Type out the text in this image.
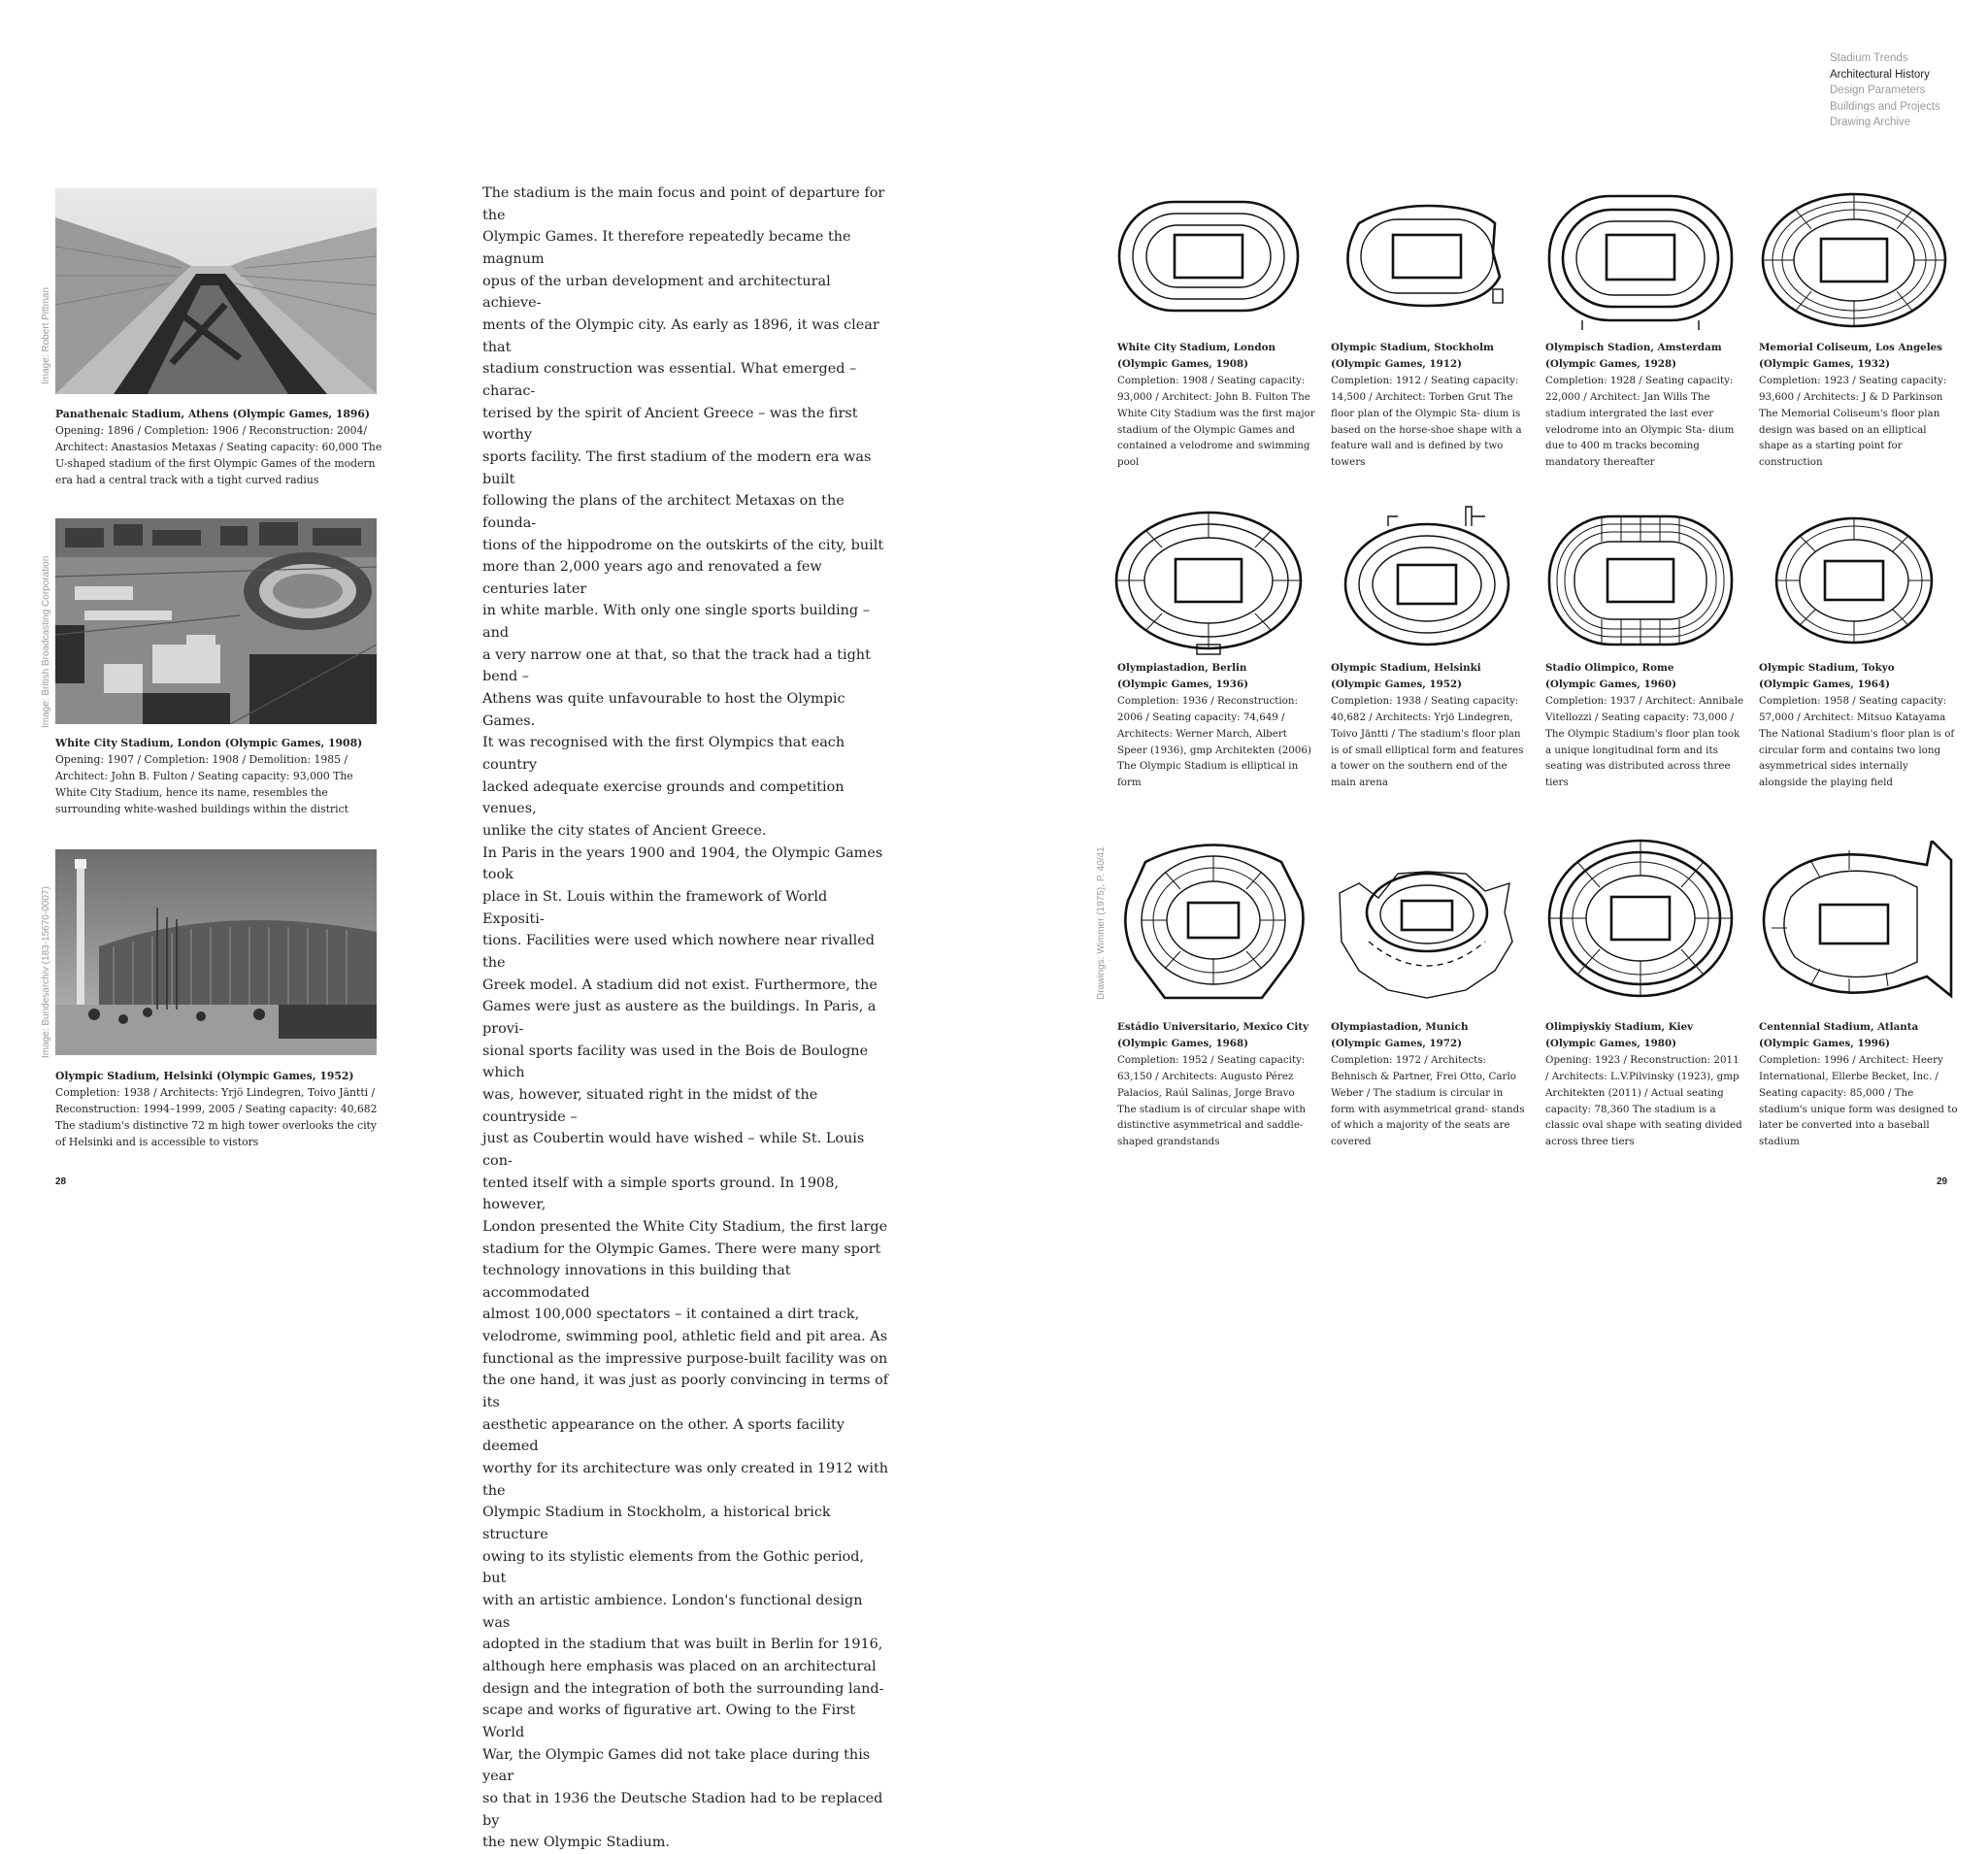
Stadium Trends
Architectural History
Design Parameters
Buildings and Projects
Drawing Archive
Image: Robert Pittman
Panathenaic Stadium, Athens (Olympic Games, 1896)
Opening: 1896 / Completion: 1906 / Reconstruction: 2004/ Architect: Anastasios Metaxas / Seating capacity: 60,000 The U-shaped stadium of the first Olympic Games of the modern era had a central track with a tight curved radius
Image: British Broadcasting Corporation
White City Stadium, London (Olympic Games, 1908)
Opening: 1907 / Completion: 1908 / Demolition: 1985 / Architect: John B. Fulton / Seating capacity: 93,000 The White City Stadium, hence its name, resembles the surrounding white-washed buildings within the district
Image: Bundesarchiv (183-15670-0007)
Olympic Stadium, Helsinki (Olympic Games, 1952)
Completion: 1938 / Architects: Yrjö Lindegren, Toivo Jäntti / Reconstruction: 1994–1999, 2005 / Seating capacity: 40,682 The stadium's distinctive 72 m high tower overlooks the city of Helsinki and is accessible to vistors

The stadium is the main focus and point of departure for the
Olympic Games. It therefore repeatedly became the magnum
opus of the urban development and architectural achieve-
ments of the Olympic city. As early as 1896, it was clear that
stadium construction was essential. What emerged – charac-
terised by the spirit of Ancient Greece – was the first worthy
sports facility. The first stadium of the modern era was built
following the plans of the architect Metaxas on the founda-
tions of the hippodrome on the outskirts of the city, built
more than 2,000 years ago and renovated a few centuries later
in white marble. With only one single sports building – and
a very narrow one at that, so that the track had a tight bend –
Athens was quite unfavourable to host the Olympic Games.
It was recognised with the first Olympics that each country
lacked adequate exercise grounds and competition venues,
unlike the city states of Ancient Greece.

In Paris in the years 1900 and 1904, the Olympic Games took
place in St. Louis within the framework of World Expositi-
tions. Facilities were used which nowhere near rivalled the
Greek model. A stadium did not exist. Furthermore, the
Games were just as austere as the buildings. In Paris, a provi-
sional sports facility was used in the Bois de Boulogne which
was, however, situated right in the midst of the countryside –
just as Coubertin would have wished – while St. Louis con-
tented itself with a simple sports ground. In 1908, however,
London presented the White City Stadium, the first large
stadium for the Olympic Games. There were many sport
technology innovations in this building that accommodated
almost 100,000 spectators – it contained a dirt track,
velodrome, swimming pool, athletic field and pit area. As
functional as the impressive purpose-built facility was on
the one hand, it was just as poorly convincing in terms of its
aesthetic appearance on the other. A sports facility deemed
worthy for its architecture was only created in 1912 with the
Olympic Stadium in Stockholm, a historical brick structure
owing to its stylistic elements from the Gothic period, but
with an artistic ambience. London's functional design was
adopted in the stadium that was built in Berlin for 1916,
although here emphasis was placed on an architectural
design and the integration of both the surrounding land-
scape and works of figurative art. Owing to the First World
War, the Olympic Games did not take place during this year
so that in 1936 the Deutsche Stadion had to be replaced by
the new Olympic Stadium.

28	29
Drawings: Wimmer (1975), P. 40/41
White City Stadium, London
(Olympic Games, 1908)
Completion: 1908 / Seating capacity: 93,000 / Architect: John B. Fulton The White City Stadium was the first major stadium of the Olympic Games and contained a velodrome and swimming pool
Olympic Stadium, Stockholm
(Olympic Games, 1912)
Completion: 1912 / Seating capacity: 14,500 / Architect: Torben Grut The floor plan of the Olympic Sta- dium is based on the horse-shoe shape with a feature wall and is defined by two towers
Olympisch Stadion, Amsterdam
(Olympic Games, 1928)
Completion: 1928 / Seating capacity: 22,000 / Architect: Jan Wills The stadium intergrated the last ever velodrome into an Olympic Sta- dium due to 400 m tracks becoming mandatory thereafter
Memorial Coliseum, Los Angeles
(Olympic Games, 1932)
Completion: 1923 / Seating capacity: 93,600 / Architects: J & D Parkinson The Memorial Coliseum's floor plan design was based on an elliptical shape as a starting point for construction
Olympiastadion, Berlin
(Olympic Games, 1936)
Completion: 1936 / Reconstruction: 2006 / Seating capacity: 74,649 / Architects: Werner March, Albert Speer (1936), gmp Architekten (2006) The Olympic Stadium is elliptical in form
Olympic Stadium, Helsinki
(Olympic Games, 1952)
Completion: 1938 / Seating capacity: 40,682 / Architects: Yrjö Lindegren, Toivo Jäntti / The stadium's floor plan is of small elliptical form and features a tower on the southern end of the main arena
Stadio Olimpico, Rome
(Olympic Games, 1960)
Completion: 1937 / Architect: Annibale Vitellozzi / Seating capacity: 73,000 / The Olympic Stadium's floor plan took a unique longitudinal form and its seating was distributed across three tiers
Olympic Stadium, Tokyo
(Olympic Games, 1964)
Completion: 1958 / Seating capacity: 57,000 / Architect: Mitsuo Katayama The National Stadium's floor plan is of circular form and contains two long asymmetrical sides internally alongside the playing field
Estádio Universitario, Mexico City
(Olympic Games, 1968)
Completion: 1952 / Seating capacity: 63,150 / Architects: Augusto Pérez Palacios, Raúl Salinas, Jorge Bravo The stadium is of circular shape with distinctive asymmetrical and saddle-shaped grandstands
Olympiastadion, Munich
(Olympic Games, 1972)
Completion: 1972 / Architects: Behnisch & Partner, Frei Otto, Carlo Weber / The stadium is circular in form with asymmetrical grand- stands of which a majority of the seats are covered
Olimpiyskiy Stadium, Kiev
(Olympic Games, 1980)
Opening: 1923 / Reconstruction: 2011 / Architects: L.V.Pilvinsky (1923), gmp Architekten (2011) / Actual seating capacity: 78,360 The stadium is a classic oval shape with seating divided across three tiers
Centennial Stadium, Atlanta
(Olympic Games, 1996)
Completion: 1996 / Architect: Heery International, Ellerbe Becket, Inc. / Seating capacity: 85,000 / The stadium's unique form was designed to later be converted into a baseball stadium
